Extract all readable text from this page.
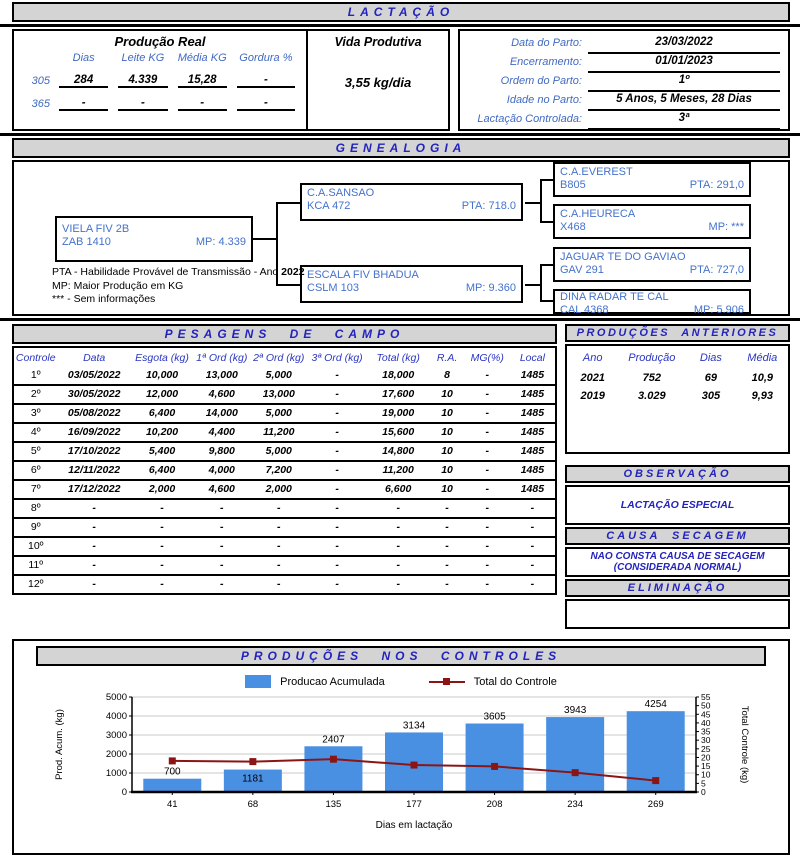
LACTAÇÃO
Produção Real
Dias	Leite KG	Média KG	Gordura %
305	284	4.339	15,28	-
365	-	-	-	-
Vida Produtiva
3,55 kg/dia
Data do Parto:	23/03/2022
Encerramento:	01/01/2023
Ordem do Parto:	1º
Idade no Parto:	5 Anos, 5 Meses, 28 Dias
Lactação Controlada:	3ª
GENEALOGIA
VIELA FIV 2B
ZAB 1410	MP: 4.339
C.A.SANSAO
KCA 472	PTA: 718.0
ESCALA FIV BHADUA
CSLM 103	MP: 9.360
C.A.EVEREST
B805	PTA: 291,0
C.A.HEURECA
X468	MP: ***
JAGUAR TE DO GAVIAO
GAV 291	PTA: 727,0
DINA RADAR TE CAL
CAL 4368	MP: 5.906
PTA - Habilidade Provável de Transmissão - Ano 2022
MP: Maior Produção em KG
*** - Sem informações
PESAGENS DE CAMPO
Controle	Data	Esgota (kg)	1ª Ord (kg)	2ª Ord (kg)	3ª Ord (kg)	Total (kg)	R.A.	MG(%)	Local
1º	03/05/2022	10,000	13,000	5,000	-	18,000	8	-	1485
2º	30/05/2022	12,000	4,600	13,000	-	17,600	10	-	1485
3º	05/08/2022	6,400	14,000	5,000	-	19,000	10	-	1485
4º	16/09/2022	10,200	4,400	11,200	-	15,600	10	-	1485
5º	17/10/2022	5,400	9,800	5,000	-	14,800	10	-	1485
6º	12/11/2022	6,400	4,000	7,200	-	11,200	10	-	1485
7º	17/12/2022	2,000	4,600	2,000	-	6,600	10	-	1485
8º	-	-	-	-	-	-	-	-	-
9º	-	-	-	-	-	-	-	-	-
10º	-	-	-	-	-	-	-	-	-
11º	-	-	-	-	-	-	-	-	-
12º	-	-	-	-	-	-	-	-	-
PRODUÇÕES ANTERIORES
Ano	Produção	Dias	Média
2021	752	69	10,9
2019	3.029	305	9,93
OBSERVAÇÃO
LACTAÇÃO ESPECIAL
CAUSA SECAGEM
NAO CONSTA CAUSA DE SECAGEM
(CONSIDERADA NORMAL)
ELIMINAÇÃO
PRODUÇÕES NOS CONTROLES
Producao Acumulada	Total do Controle
700
1181
2407
3134
3605
3943
4254
0
1000
2000
3000
4000
5000
0
5
10
15
20
25
30
35
40
45
50
55
41	68	135	177	208	234	269
Prod. Acum. (kg)	Total Controle (kg)
Dias em lactação
